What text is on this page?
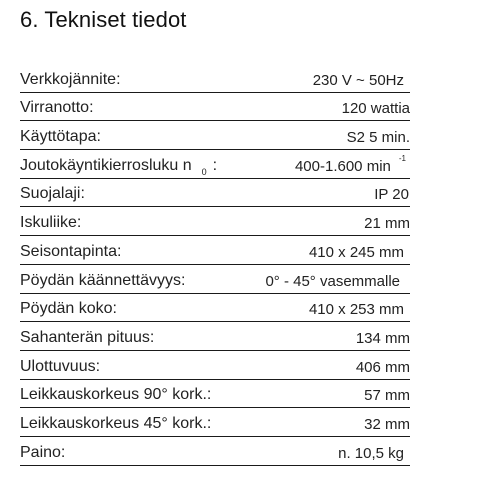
6. Tekniset tiedot
Verkkojännite:	230 V ~ 50Hz
Virranotto:	120 wattia
Käyttötapa:	S2 5 min.
Joutokäyntikierrosluku n $_0$ :	400-1.600 min $^{-1}$
Suojalaji:	IP 20
Iskuliike:	21 mm
Seisontapinta:	410 x 245 mm
Pöydän käännettävyys:	0° - 45° vasemmalle
Pöydän koko:	410 x 253 mm
Sahanterän pituus:	134 mm
Ulottuvuus:	406 mm
Leikkauskorkeus 90° kork.:	57 mm
Leikkauskorkeus 45° kork.:	32 mm
Paino:	n. 10,5 kg
